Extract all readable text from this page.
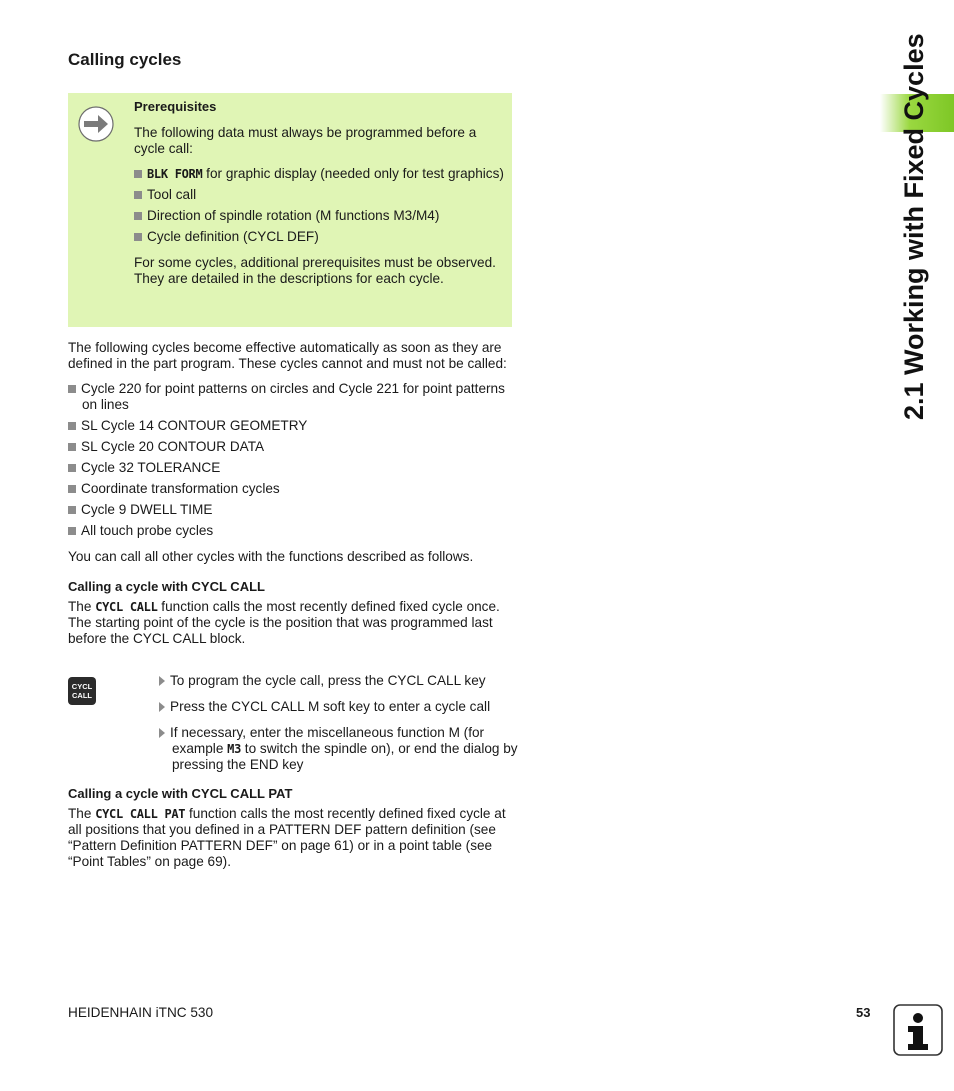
Calling cycles
Prerequisites
The following data must always be programmed before a cycle call:
BLK FORM for graphic display (needed only for test graphics)
Tool call
Direction of spindle rotation (M functions M3/M4)
Cycle definition (CYCL DEF)
For some cycles, additional prerequisites must be observed. They are detailed in the descriptions for each cycle.
The following cycles become effective automatically as soon as they are defined in the part program. These cycles cannot and must not be called:
Cycle 220 for point patterns on circles and Cycle 221 for point patterns on lines
SL Cycle 14 CONTOUR GEOMETRY
SL Cycle 20 CONTOUR DATA
Cycle 32 TOLERANCE
Coordinate transformation cycles
Cycle 9 DWELL TIME
All touch probe cycles
You can call all other cycles with the functions described as follows.
Calling a cycle with CYCL CALL
The CYCL CALL function calls the most recently defined fixed cycle once. The starting point of the cycle is the position that was programmed last before the CYCL CALL block.
CYCL
CALL
To program the cycle call, press the CYCL CALL key
Press the CYCL CALL M soft key to enter a cycle call
If necessary, enter the miscellaneous function M (for example M3 to switch the spindle on), or end the dialog by pressing the END key
Calling a cycle with CYCL CALL PAT
The CYCL CALL PAT function calls the most recently defined fixed cycle at all positions that you defined in a PATTERN DEF pattern definition (see “Pattern Definition PATTERN DEF” on page 61) or in a point table (see “Point Tables” on page 69).
2.1 Working with Fixed Cycles
HEIDENHAIN iTNC 530	53
